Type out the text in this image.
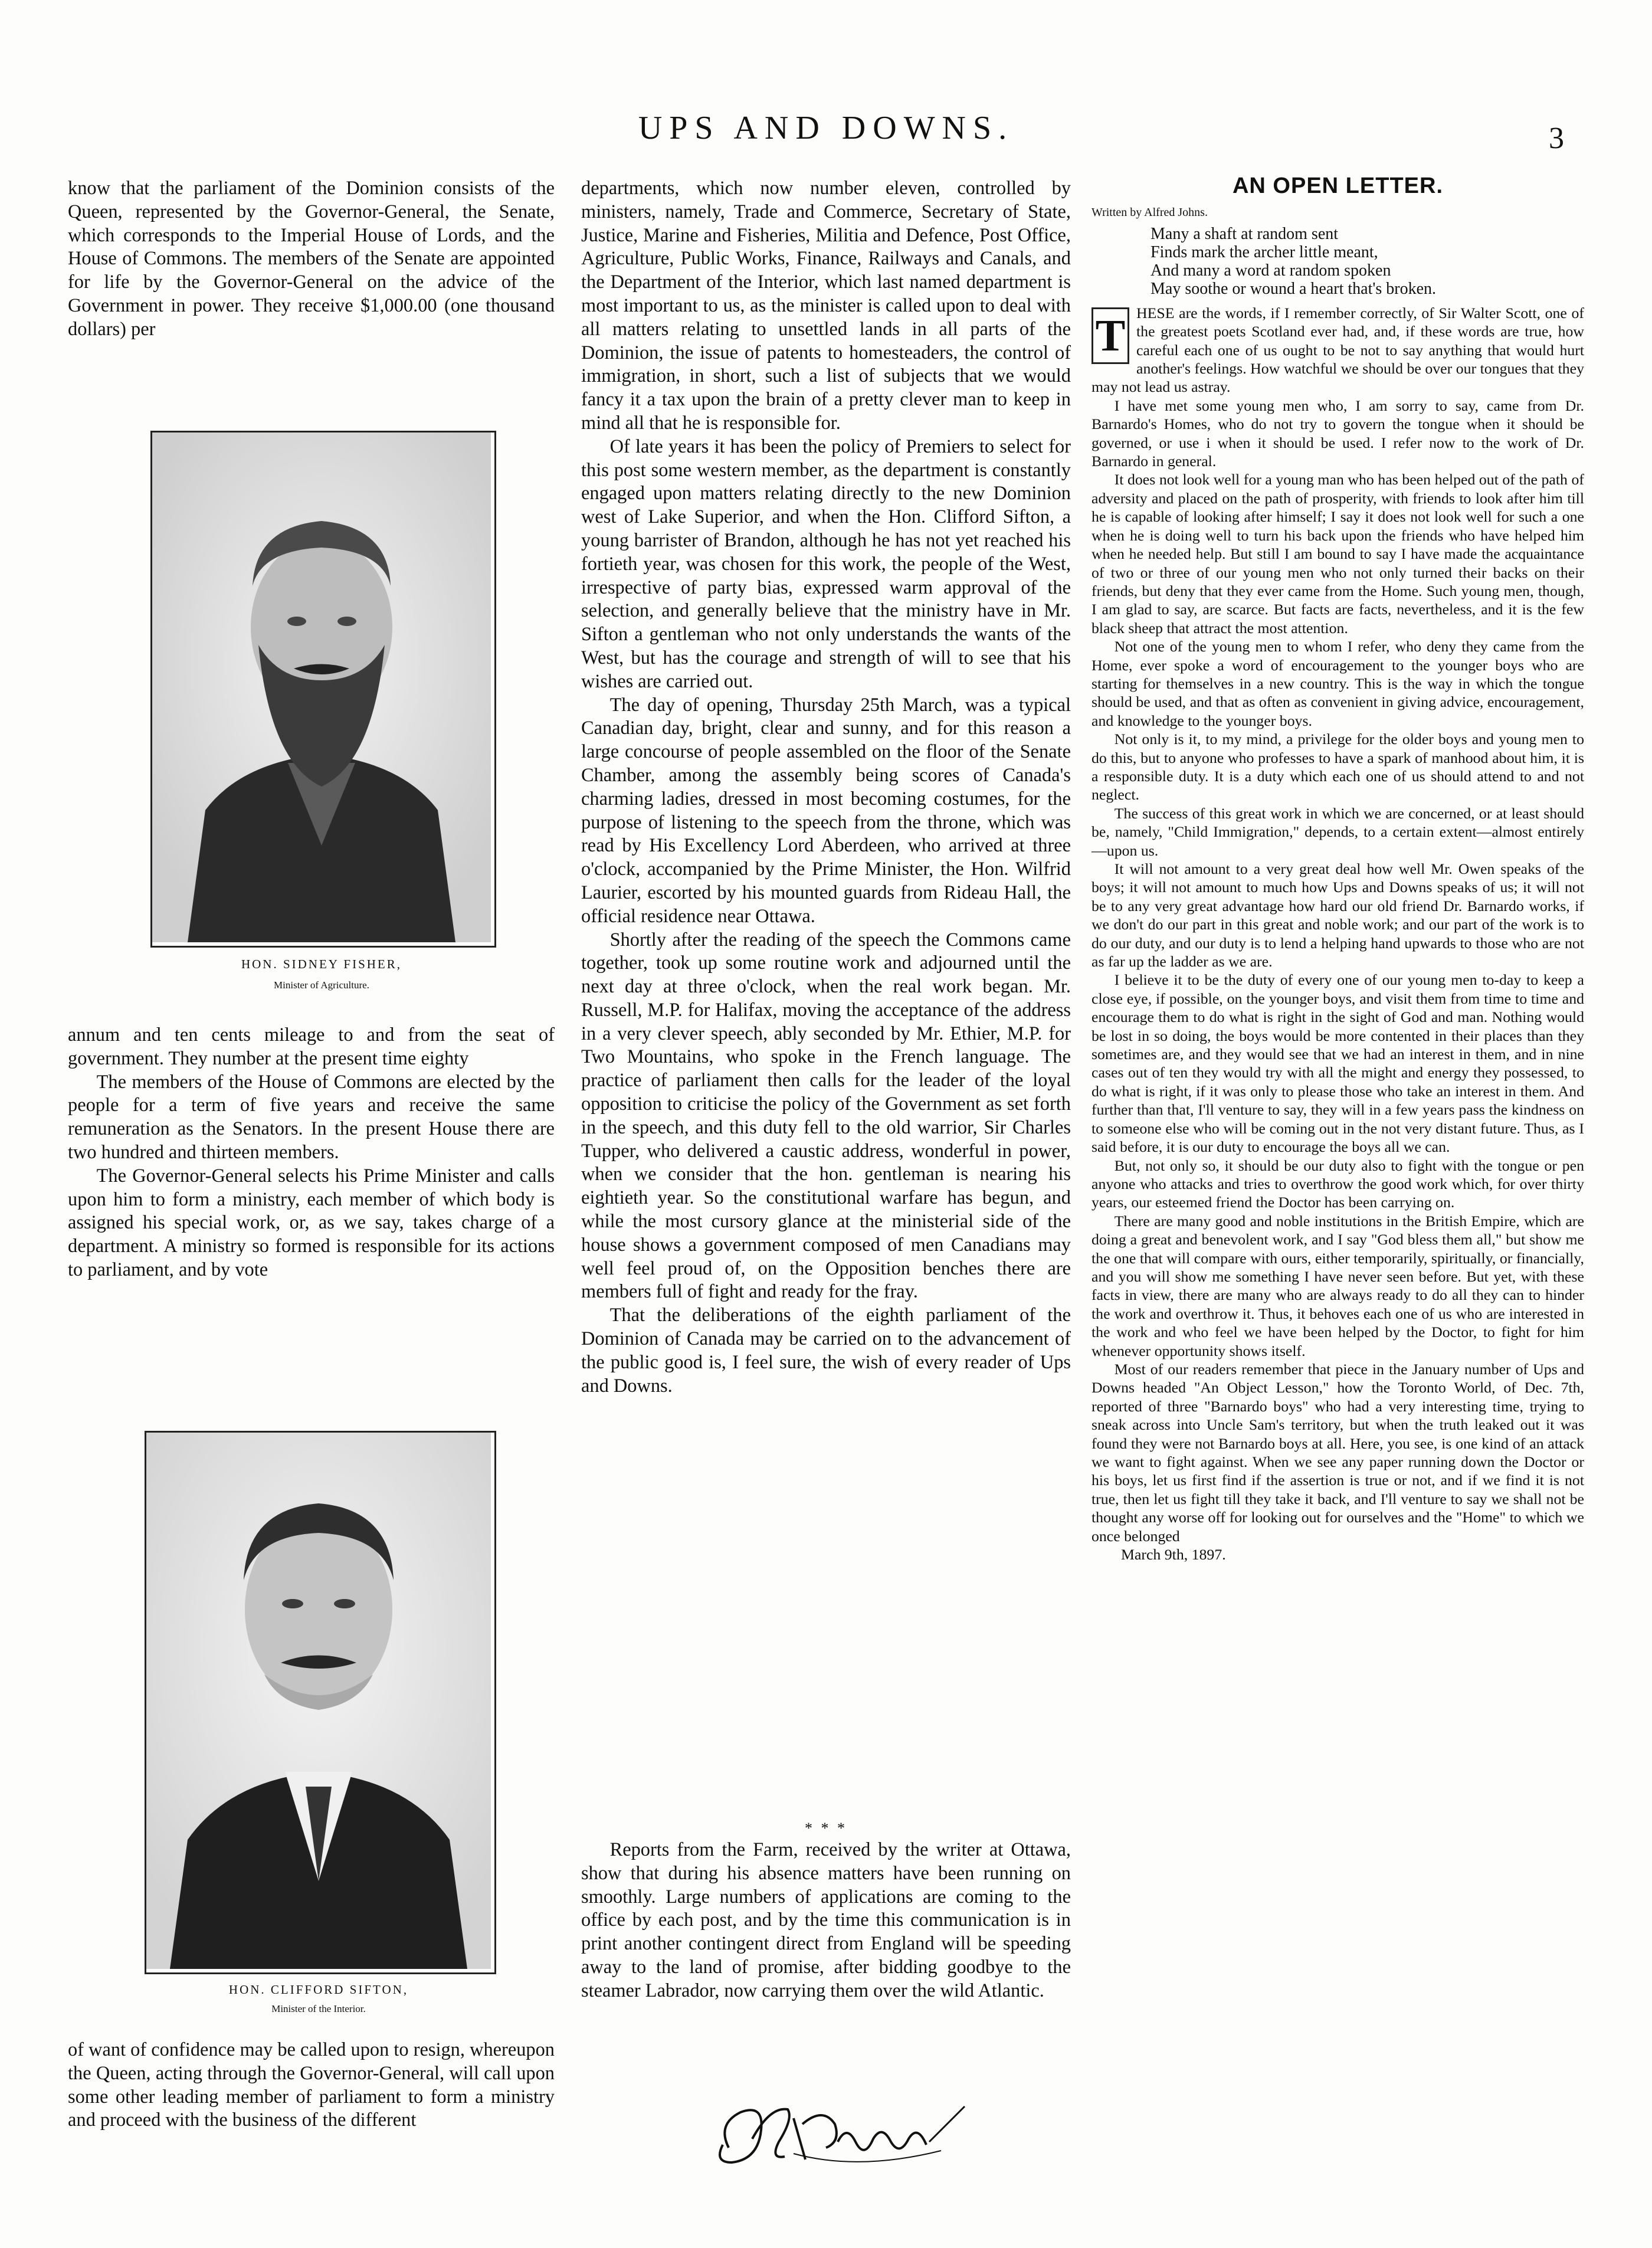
UPS AND DOWNS.	3

know that the parliament of the Dominion consists of the Queen, represented by the Governor-General, the Senate, which corresponds to the Imperial House of Lords, and the House of Commons. The members of the Senate are appointed for life by the Governor-General on the advice of the Government in power. They receive $1,000.00 (one thousand dollars) per

HON. SIDNEY FISHER,
Minister of Agriculture.

annum and ten cents mileage to and from the seat of government. They number at the present time eighty

The members of the House of Commons are elected by the people for a term of five years and receive the same remuneration as the Senators. In the present House there are two hundred and thirteen members.

The Governor-General selects his Prime Minister and calls upon him to form a ministry, each member of which body is assigned his special work, or, as we say, takes charge of a department. A ministry so formed is responsible for its actions to parliament, and by vote

HON. CLIFFORD SIFTON,
Minister of the Interior.

of want of confidence may be called upon to resign, whereupon the Queen, acting through the Governor-General, will call upon some other leading member of parliament to form a ministry and proceed with the business of the different

departments, which now number eleven, controlled by ministers, namely, Trade and Commerce, Secretary of State, Justice, Marine and Fisheries, Militia and Defence, Post Office, Agriculture, Public Works, Finance, Railways and Canals, and the Department of the Interior, which last named department is most important to us, as the minister is called upon to deal with all matters relating to unsettled lands in all parts of the Dominion, the issue of patents to homesteaders, the control of immigration, in short, such a list of subjects that we would fancy it a tax upon the brain of a pretty clever man to keep in mind all that he is responsible for.

Of late years it has been the policy of Premiers to select for this post some western member, as the department is constantly engaged upon matters relating directly to the new Dominion west of Lake Superior, and when the Hon. Clifford Sifton, a young barrister of Brandon, although he has not yet reached his fortieth year, was chosen for this work, the people of the West, irrespective of party bias, expressed warm approval of the selection, and generally believe that the ministry have in Mr. Sifton a gentleman who not only understands the wants of the West, but has the courage and strength of will to see that his wishes are carried out.

The day of opening, Thursday 25th March, was a typical Canadian day, bright, clear and sunny, and for this reason a large concourse of people assembled on the floor of the Senate Chamber, among the assembly being scores of Canada's charming ladies, dressed in most becoming costumes, for the purpose of listening to the speech from the throne, which was read by His Excellency Lord Aberdeen, who arrived at three o'clock, accompanied by the Prime Minister, the Hon. Wilfrid Laurier, escorted by his mounted guards from Rideau Hall, the official residence near Ottawa.

Shortly after the reading of the speech the Commons came together, took up some routine work and adjourned until the next day at three o'clock, when the real work began. Mr. Russell, M.P. for Halifax, moving the acceptance of the address in a very clever speech, ably seconded by Mr. Ethier, M.P. for Two Mountains, who spoke in the French language. The practice of parliament then calls for the leader of the loyal opposition to criticise the policy of the Government as set forth in the speech, and this duty fell to the old warrior, Sir Charles Tupper, who delivered a caustic address, wonderful in power, when we consider that the hon. gentleman is nearing his eightieth year. So the constitutional warfare has begun, and while the most cursory glance at the ministerial side of the house shows a government composed of men Canadians may well feel proud of, on the Opposition benches there are members full of fight and ready for the fray.

That the deliberations of the eighth parliament of the Dominion of Canada may be carried on to the advancement of the public good is, I feel sure, the wish of every reader of Ups and Downs.

* * *

Reports from the Farm, received by the writer at Ottawa, show that during his absence matters have been running on smoothly. Large numbers of applications are coming to the office by each post, and by the time this communication is in print another contingent direct from England will be speeding away to the land of promise, after bidding goodbye to the steamer Labrador, now carrying them over the wild Atlantic.

AN OPEN LETTER.
Written by Alfred Johns.
Many a shaft at random sent
Finds mark the archer little meant,
And many a word at random spoken
May soothe or wound a heart that's broken.
T HESE are the words, if I remember correctly, of Sir Walter Scott, one of the greatest poets Scotland ever had, and, if these words are true, how careful each one of us ought to be not to say anything that would hurt another's feelings. How watchful we should be over our tongues that they may not lead us astray.

I have met some young men who, I am sorry to say, came from Dr. Barnardo's Homes, who do not try to govern the tongue when it should be governed, or use i when it should be used. I refer now to the work of Dr. Barnardo in general.

It does not look well for a young man who has been helped out of the path of adversity and placed on the path of prosperity, with friends to look after him till he is capable of looking after himself; I say it does not look well for such a one when he is doing well to turn his back upon the friends who have helped him when he needed help. But still I am bound to say I have made the acquaintance of two or three of our young men who not only turned their backs on their friends, but deny that they ever came from the Home. Such young men, though, I am glad to say, are scarce. But facts are facts, nevertheless, and it is the few black sheep that attract the most attention.

Not one of the young men to whom I refer, who deny they came from the Home, ever spoke a word of encouragement to the younger boys who are starting for themselves in a new country. This is the way in which the tongue should be used, and that as often as convenient in giving advice, encouragement, and knowledge to the younger boys.

Not only is it, to my mind, a privilege for the older boys and young men to do this, but to anyone who professes to have a spark of manhood about him, it is a responsible duty. It is a duty which each one of us should attend to and not neglect.

The success of this great work in which we are concerned, or at least should be, namely, "Child Immigration," depends, to a certain extent—almost entirely—upon us.

It will not amount to a very great deal how well Mr. Owen speaks of the boys; it will not amount to much how Ups and Downs speaks of us; it will not be to any very great advantage how hard our old friend Dr. Barnardo works, if we don't do our part in this great and noble work; and our part of the work is to do our duty, and our duty is to lend a helping hand upwards to those who are not as far up the ladder as we are.

I believe it to be the duty of every one of our young men to-day to keep a close eye, if possible, on the younger boys, and visit them from time to time and encourage them to do what is right in the sight of God and man. Nothing would be lost in so doing, the boys would be more contented in their places than they sometimes are, and they would see that we had an interest in them, and in nine cases out of ten they would try with all the might and energy they possessed, to do what is right, if it was only to please those who take an interest in them. And further than that, I'll venture to say, they will in a few years pass the kindness on to someone else who will be coming out in the not very distant future. Thus, as I said before, it is our duty to encourage the boys all we can.

But, not only so, it should be our duty also to fight with the tongue or pen anyone who attacks and tries to overthrow the good work which, for over thirty years, our esteemed friend the Doctor has been carrying on.

There are many good and noble institutions in the British Empire, which are doing a great and benevolent work, and I say "God bless them all," but show me the one that will compare with ours, either temporarily, spiritually, or financially, and you will show me something I have never seen before. But yet, with these facts in view, there are many who are always ready to do all they can to hinder the work and overthrow it. Thus, it behoves each one of us who are interested in the work and who feel we have been helped by the Doctor, to fight for him whenever opportunity shows itself.

Most of our readers remember that piece in the January number of Ups and Downs headed "An Object Lesson," how the Toronto World, of Dec. 7th, reported of three "Barnardo boys" who had a very interesting time, trying to sneak across into Uncle Sam's territory, but when the truth leaked out it was found they were not Barnardo boys at all. Here, you see, is one kind of an attack we want to fight against. When we see any paper running down the Doctor or his boys, let us first find if the assertion is true or not, and if we find it is not true, then let us fight till they take it back, and I'll venture to say we shall not be thought any worse off for looking out for ourselves and the "Home" to which we once belonged

March 9th, 1897.
